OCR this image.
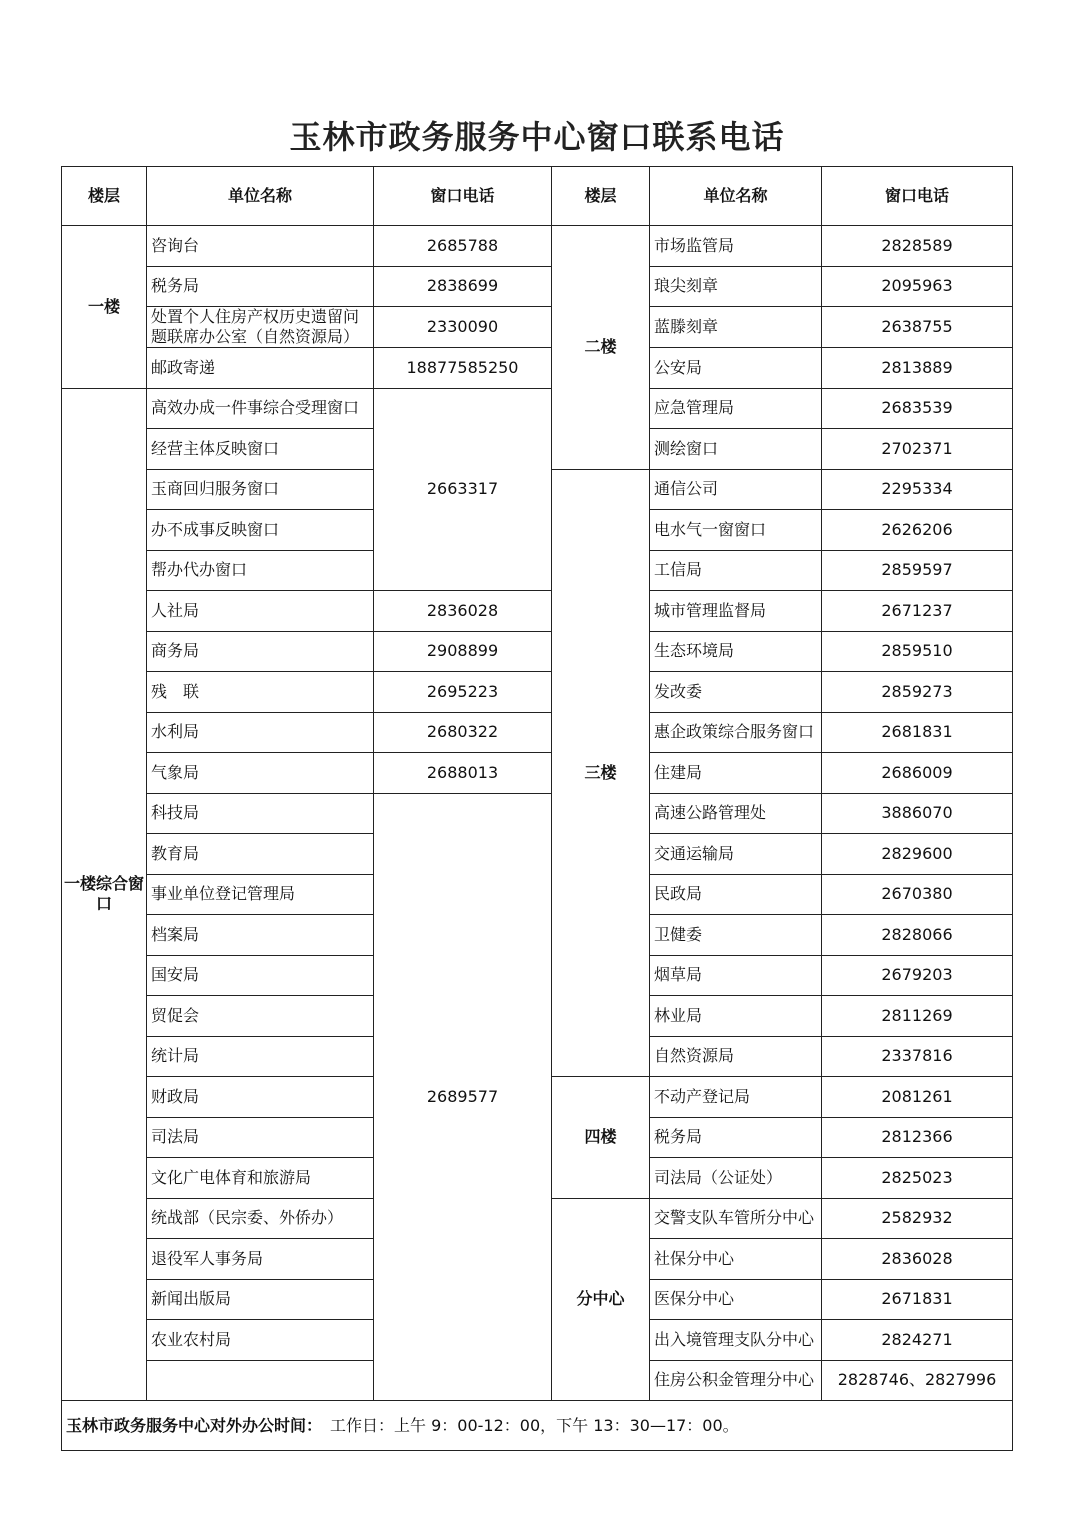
玉林市政务服务中心窗口联系电话
楼层	单位名称	窗口电话	楼层	单位名称	窗口电话
一楼	咨询台	2685788	二楼	市场监管局	2828589
	税务局	2838699		琅尖刻章	2095963
	处置个人住房产权历史遗留问题联席办公室（自然资源局）	2330090		蓝滕刻章	2638755
	邮政寄递	18877585250		公安局	2813889
一楼综合窗口	高效办成一件事综合受理窗口	2663317		应急管理局	2683539
	经营主体反映窗口			测绘窗口	2702371
	玉商回归服务窗口		三楼	通信公司	2295334
	办不成事反映窗口			电水气一窗窗口	2626206
	帮办代办窗口			工信局	2859597
	人社局	2836028		城市管理监督局	2671237
	商务局	2908899		生态环境局	2859510
	残　联	2695223		发改委	2859273
	水利局	2680322		惠企政策综合服务窗口	2681831
	气象局	2688013		住建局	2686009
	科技局	2689577		高速公路管理处	3886070
	教育局			交通运输局	2829600
	事业单位登记管理局			民政局	2670380
	档案局			卫健委	2828066
	国安局			烟草局	2679203
	贸促会			林业局	2811269
	统计局			自然资源局	2337816
	财政局		四楼	不动产登记局	2081261
	司法局			税务局	2812366
	文化广电体育和旅游局			司法局（公证处）	2825023
	统战部（民宗委、外侨办）		分中心	交警支队车管所分中心	2582932
	退役军人事务局			社保分中心	2836028
	新闻出版局			医保分中心	2671831
	农业农村局			出入境管理支队分中心	2824271
				住房公积金管理分中心	2828746、2827996
玉林市政务服务中心对外办公时间：　工作日：上午 9：00-12：00，下午 13：30—17：00。					
